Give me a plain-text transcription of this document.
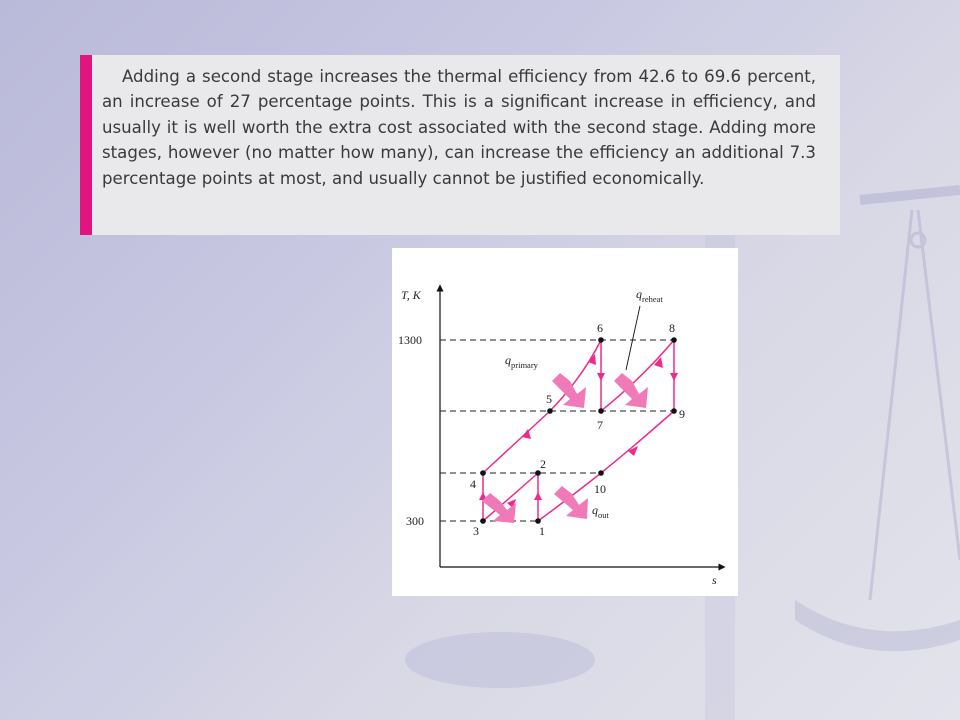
Adding a second stage increases the thermal efficiency from 42.6 to 69.6 percent, an increase of 27 percentage points. This is a significant increase in efficiency, and usually it is well worth the extra cost associated with the second stage. Adding more stages, however (no matter how many), can increase the efficiency an additional 7.3 percentage points at most, and usually cannot be justified economically.

T, K
s
1300
300
1
2
3
4
5
6
7
8
9
10
$q_{reheat}$
$q_{primary}$
$q_{out}$
